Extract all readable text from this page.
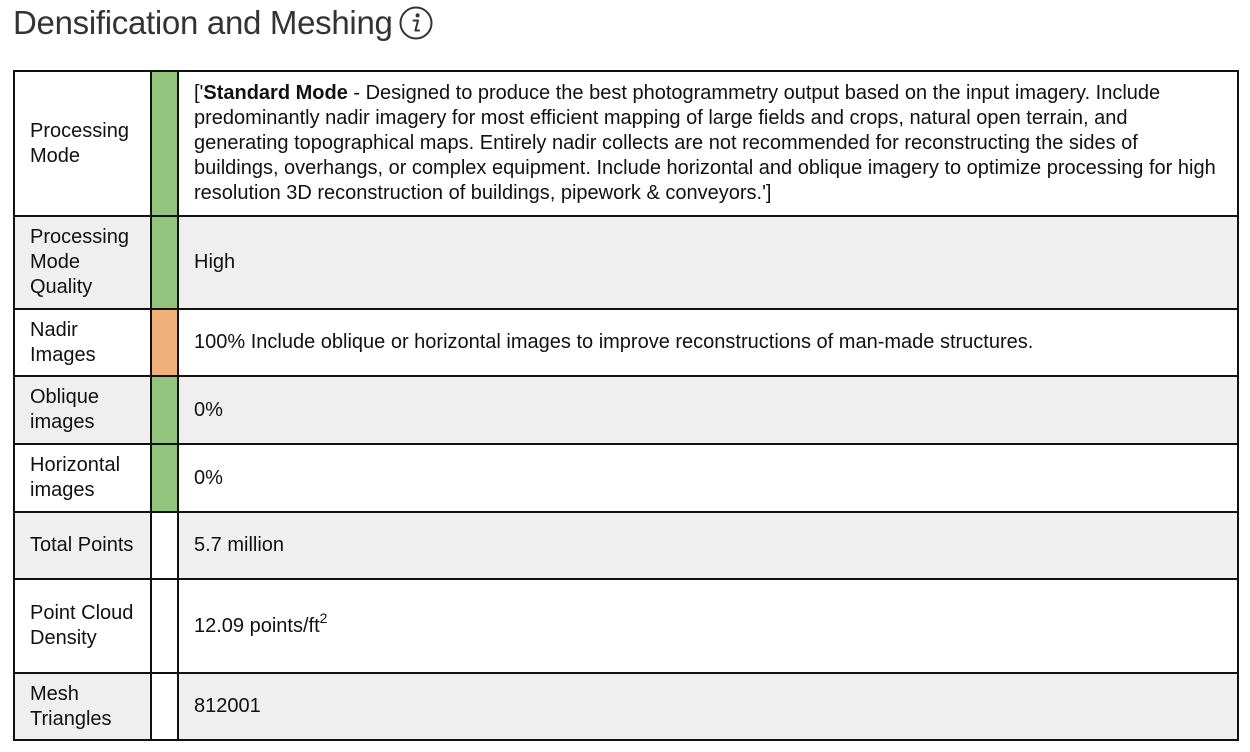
Densification and Meshing
Processing Mode		['Standard Mode - Designed to produce the best photogrammetry output based on the input imagery. Include predominantly nadir imagery for most efficient mapping of large fields and crops, natural open terrain, and generating topographical maps. Entirely nadir collects are not recommended for reconstructing the sides of buildings, overhangs, or complex equipment. Include horizontal and oblique imagery to optimize processing for high resolution 3D reconstruction of buildings, pipework & conveyors.']
Processing Mode Quality		High
Nadir Images		100% Include oblique or horizontal images to improve reconstructions of man-made structures.
Oblique images		0%
Horizontal images		0%
Total Points		5.7 million
Point Cloud Density		12.09 points/$ft^2$
Mesh Triangles		812001
